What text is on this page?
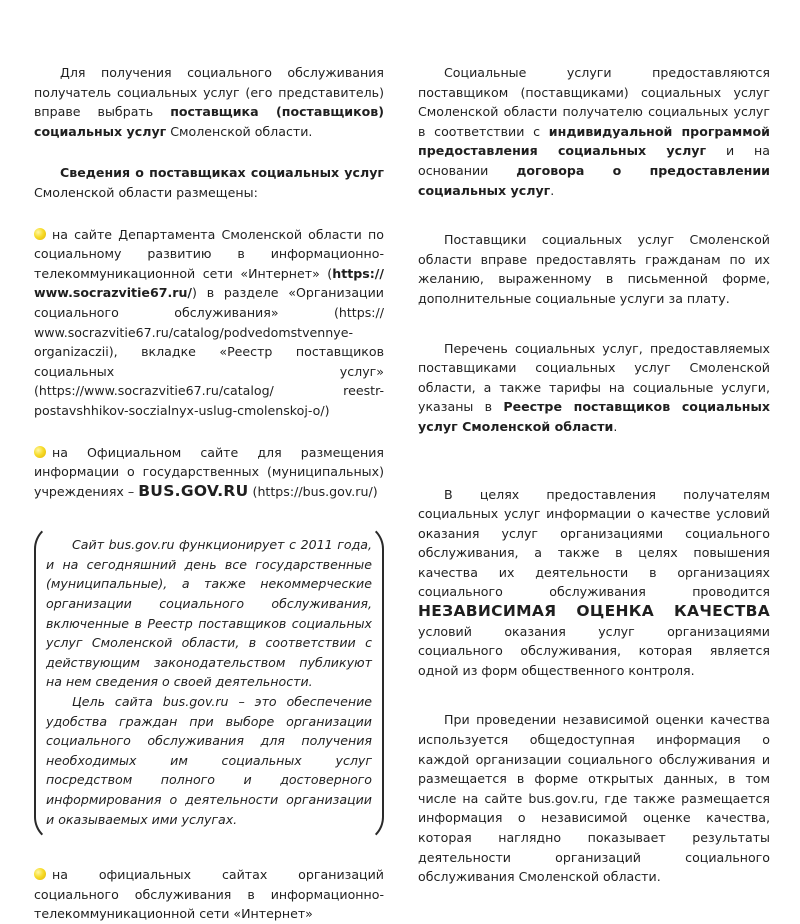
Для получения социального обслуживания получатель социальных услуг (его представитель) вправе выбрать поставщика (поставщиков) социальных услуг Смоленской области.

Сведения о поставщиках социальных услуг Смоленской области размещены:

на сайте Департамента Смоленской области по социальному развитию в информационно-телекоммуникационной сети «Интернет» (https:// www.socrazvitie67.ru/) в разделе «Организации социального обслуживания» (https:// www.socrazvitie67.ru/catalog/podvedomstvennye-organizaczii), вкладке «Реестр поставщиков социальных услуг» (https://www.socrazvitie67.ru/catalog/ reestr-postavshhikov-soczialnyx-uslug-cmolenskoj-o/)

на Официальном сайте для размещения информации о государственных (муниципальных) учреждениях – BUS.GOV.RU (https://bus.gov.ru/)

Сайт bus.gov.ru функционирует с 2011 года, и на сегодняшний день все государственные (муниципальные), а также некоммерческие организации социального обслуживания, включенные в Реестр поставщиков социальных услуг Смоленской области, в соответствии с действующим законодательством публикуют на нем сведения о своей деятельности.

Цель сайта bus.gov.ru – это обеспечение удобства граждан при выборе организации социального обслуживания для получения необходимых им социальных услуг посредством полного и достоверного информирования о деятельности организации и оказываемых ими услугах.

на официальных сайтах организаций социального обслуживания в информационно-телекоммуникационной сети «Интернет»

Социальные услуги предоставляются поставщиком (поставщиками) социальных услуг Смоленской области получателю социальных услуг в соответствии с индивидуальной программой предоставления социальных услуг и на основании договора о предоставлении социальных услуг.

Поставщики социальных услуг Смоленской области вправе предоставлять гражданам по их желанию, выраженному в письменной форме, дополнительные социальные услуги за плату.

Перечень социальных услуг, предоставляемых поставщиками социальных услуг Смоленской области, а также тарифы на социальные услуги, указаны в Реестре поставщиков социальных услуг Смоленской области.

В целях предоставления получателям социальных услуг информации о качестве условий оказания услуг организациями социального обслуживания, а также в целях повышения качества их деятельности в организациях социального обслуживания проводится НЕЗАВИСИМАЯ ОЦЕНКА КАЧЕСТВА условий оказания услуг организациями социального обслуживания, которая является одной из форм общественного контроля.

При проведении независимой оценки качества используется общедоступная информация о каждой организации социального обслуживания и размещается в форме открытых данных, в том числе на сайте bus.gov.ru, где также размещается информация о независимой оценке качества, которая наглядно показывает результаты деятельности организаций социального обслуживания Смоленской области.
